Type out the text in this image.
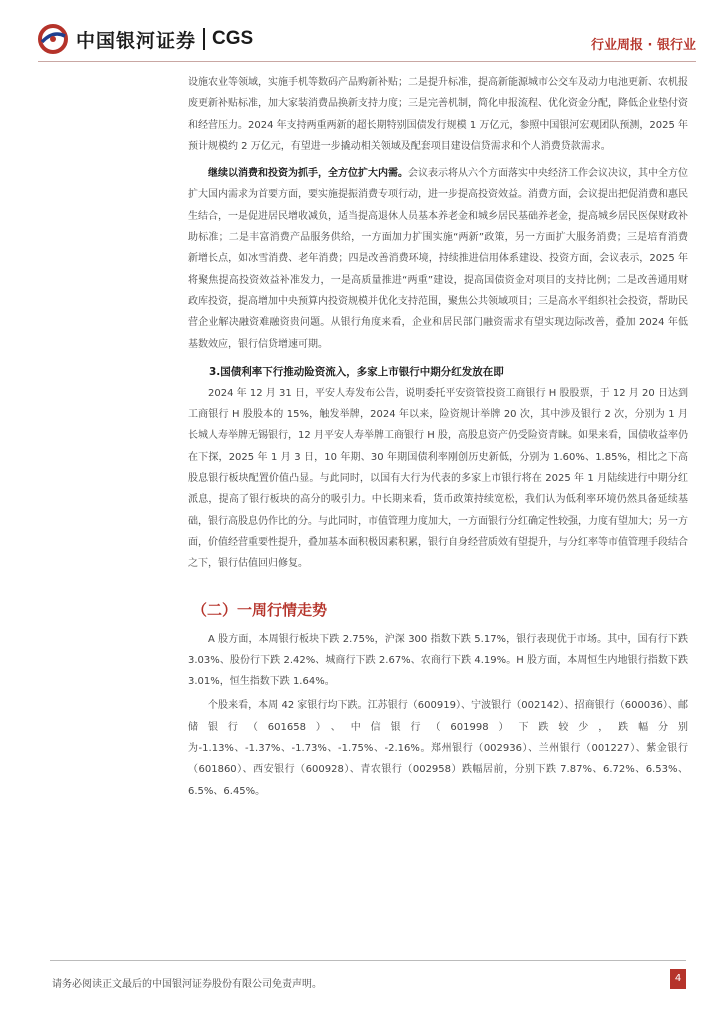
中国银河证券 CGS	行业周报 · 银行业

设施农业等领域，实施手机等数码产品购新补贴；二是提升标准，提高新能源城市公交车及动力电池更新、农机报废更新补贴标准，加大家装消费品换新支持力度；三是完善机制，简化申报流程、优化资金分配，降低企业垫付资和经营压力。2024 年支持两重两新的超长期特别国债发行规模 1 万亿元，参照中国银河宏观团队预测，2025 年预计规模约 2 万亿元，有望进一步撬动相关领域及配套项目建设信贷需求和个人消费贷款需求。

继续以消费和投资为抓手，全方位扩大内需。会议表示将从六个方面落实中央经济工作会议决议，其中全方位扩大国内需求为首要方面，要实施提振消费专项行动，进一步提高投资效益。消费方面，会议提出把促消费和惠民生结合，一是促进居民增收减负，适当提高退休人员基本养老金和城乡居民基础养老金，提高城乡居民医保财政补助标准；二是丰富消费产品服务供给，一方面加力扩围实施“两新”政策，另一方面扩大服务消费；三是培育消费新增长点，如冰雪消费、老年消费；四是改善消费环境，持续推进信用体系建设、投资方面，会议表示，2025 年将聚焦提高投资效益补准发力，一是高质量推进“两重”建设，提高国债资金对项目的支持比例；二是改善通用财政库投资，提高增加中央预算内投资规模并优化支持范围，聚焦公共领域项目；三是高水平组织社会投资，帮助民营企业解决融资难融资贵问题。从银行角度来看，企业和居民部门融资需求有望实现边际改善，叠加 2024 年低基数效应，银行信贷增速可期。

3.国债利率下行推动险资流入，多家上市银行中期分红发放在即

2024 年 12 月 31 日，平安人寿发布公告，说明委托平安资管投资工商银行 H 股股票，于 12 月 20 日达到工商银行 H 股股本的 15%，触发举牌，2024 年以来，险资规计举牌 20 次，其中涉及银行 2 次，分别为 1 月长城人寿举牌无锡银行，12 月平安人寿举牌工商银行 H 股，高股息资产仍受险资青睐。如果来看，国债收益率仍在下探，2025 年 1 月 3 日，10 年期、30 年期国债利率刚创历史新低，分别为 1.60%、1.85%，相比之下高股息银行板块配置价值凸显。与此同时，以国有大行为代表的多家上市银行将在 2025 年 1 月陆续进行中期分红派息，提高了银行板块的高分的吸引力。中长期来看，货币政策持续宽松，我们认为低利率环境仍然具备延续基础，银行高股息仍作比的分。与此同时，市值管理力度加大，一方面银行分红确定性较强，力度有望加大；另一方面，价值经营重要性提升，叠加基本面积极因素积累，银行自身经营质效有望提升，与分红率等市值管理手段结合之下，银行估值回归修复。

（二）一周行情走势

A 股方面，本周银行板块下跌 2.75%，沪深 300 指数下跌 5.17%，银行表现优于市场。其中，国有行下跌 3.03%、股份行下跌 2.42%、城商行下跌 2.67%、农商行下跌 4.19%。H 股方面，本周恒生内地银行指数下跌 3.01%，恒生指数下跌 1.64%。

个股来看，本周 42 家银行均下跌。江苏银行（600919）、宁波银行（002142）、招商银行（600036）、邮储银行（601658）、中信银行（601998）下跌较少，跌幅分别为-1.13%、-1.37%、-1.73%、-1.75%、-2.16%。郑州银行（002936）、兰州银行（001227）、紫金银行（601860）、西安银行（600928）、青农银行（002958）跌幅居前，分别下跌 7.87%、6.72%、6.53%、6.5%、6.45%。

请务必阅读正文最后的中国银河证券股份有限公司免责声明。
4
